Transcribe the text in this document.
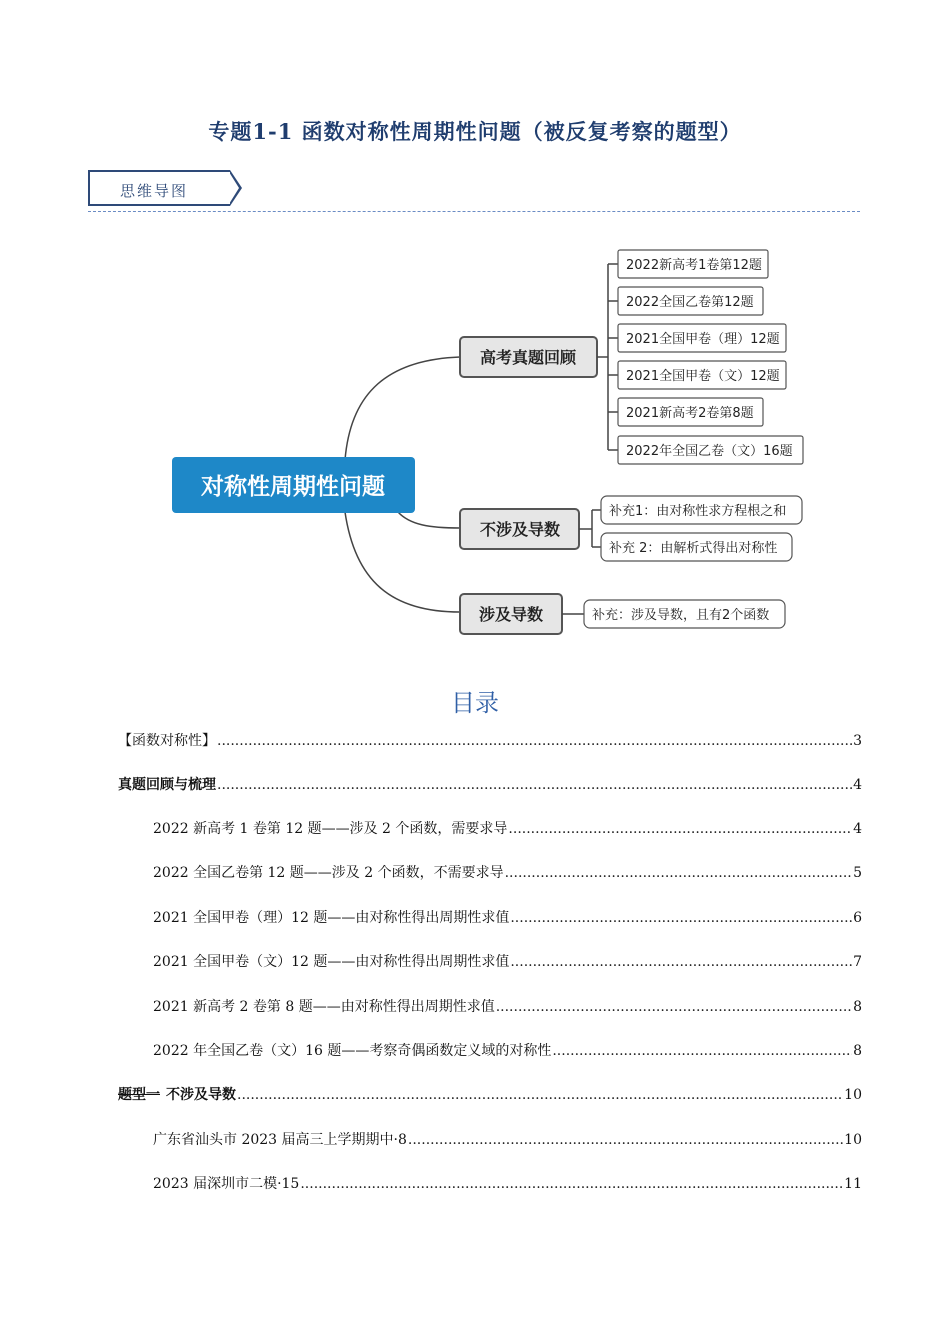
专题1-1 函数对称性周期性问题（被反复考察的题型）
思维导图
对称性周期性问题
高考真题回顾
2022新高考1卷第12题
2022全国乙卷第12题
2021全国甲卷（理）12题
2021全国甲卷（文）12题
2021新高考2卷第8题
2022年全国乙卷（文）16题
不涉及导数
补充1：由对称性求方程根之和
补充 2：由解析式得出对称性
涉及导数	补充：涉及导数，且有2个函数
目录
【函数对称性】 .....	3
真题回顾与梳理 .....	4
2022 新高考 1 卷第 12 题——涉及 2 个函数，需要求导 .....	4
2022 全国乙卷第 12 题——涉及 2 个函数，不需要求导 .....	5
2021 全国甲卷（理）12 题——由对称性得出周期性求值 .....	6
2021 全国甲卷（文）12 题——由对称性得出周期性求值 .....	7
2021 新高考 2 卷第 8 题——由对称性得出周期性求值 .....	8
2022 年全国乙卷（文）16 题——考察奇偶函数定义域的对称性 .....	8
题型一 不涉及导数 .....	10
广东省汕头市 2023 届高三上学期期中·8 .....	10
2023 届深圳市二模·15 .....	11
